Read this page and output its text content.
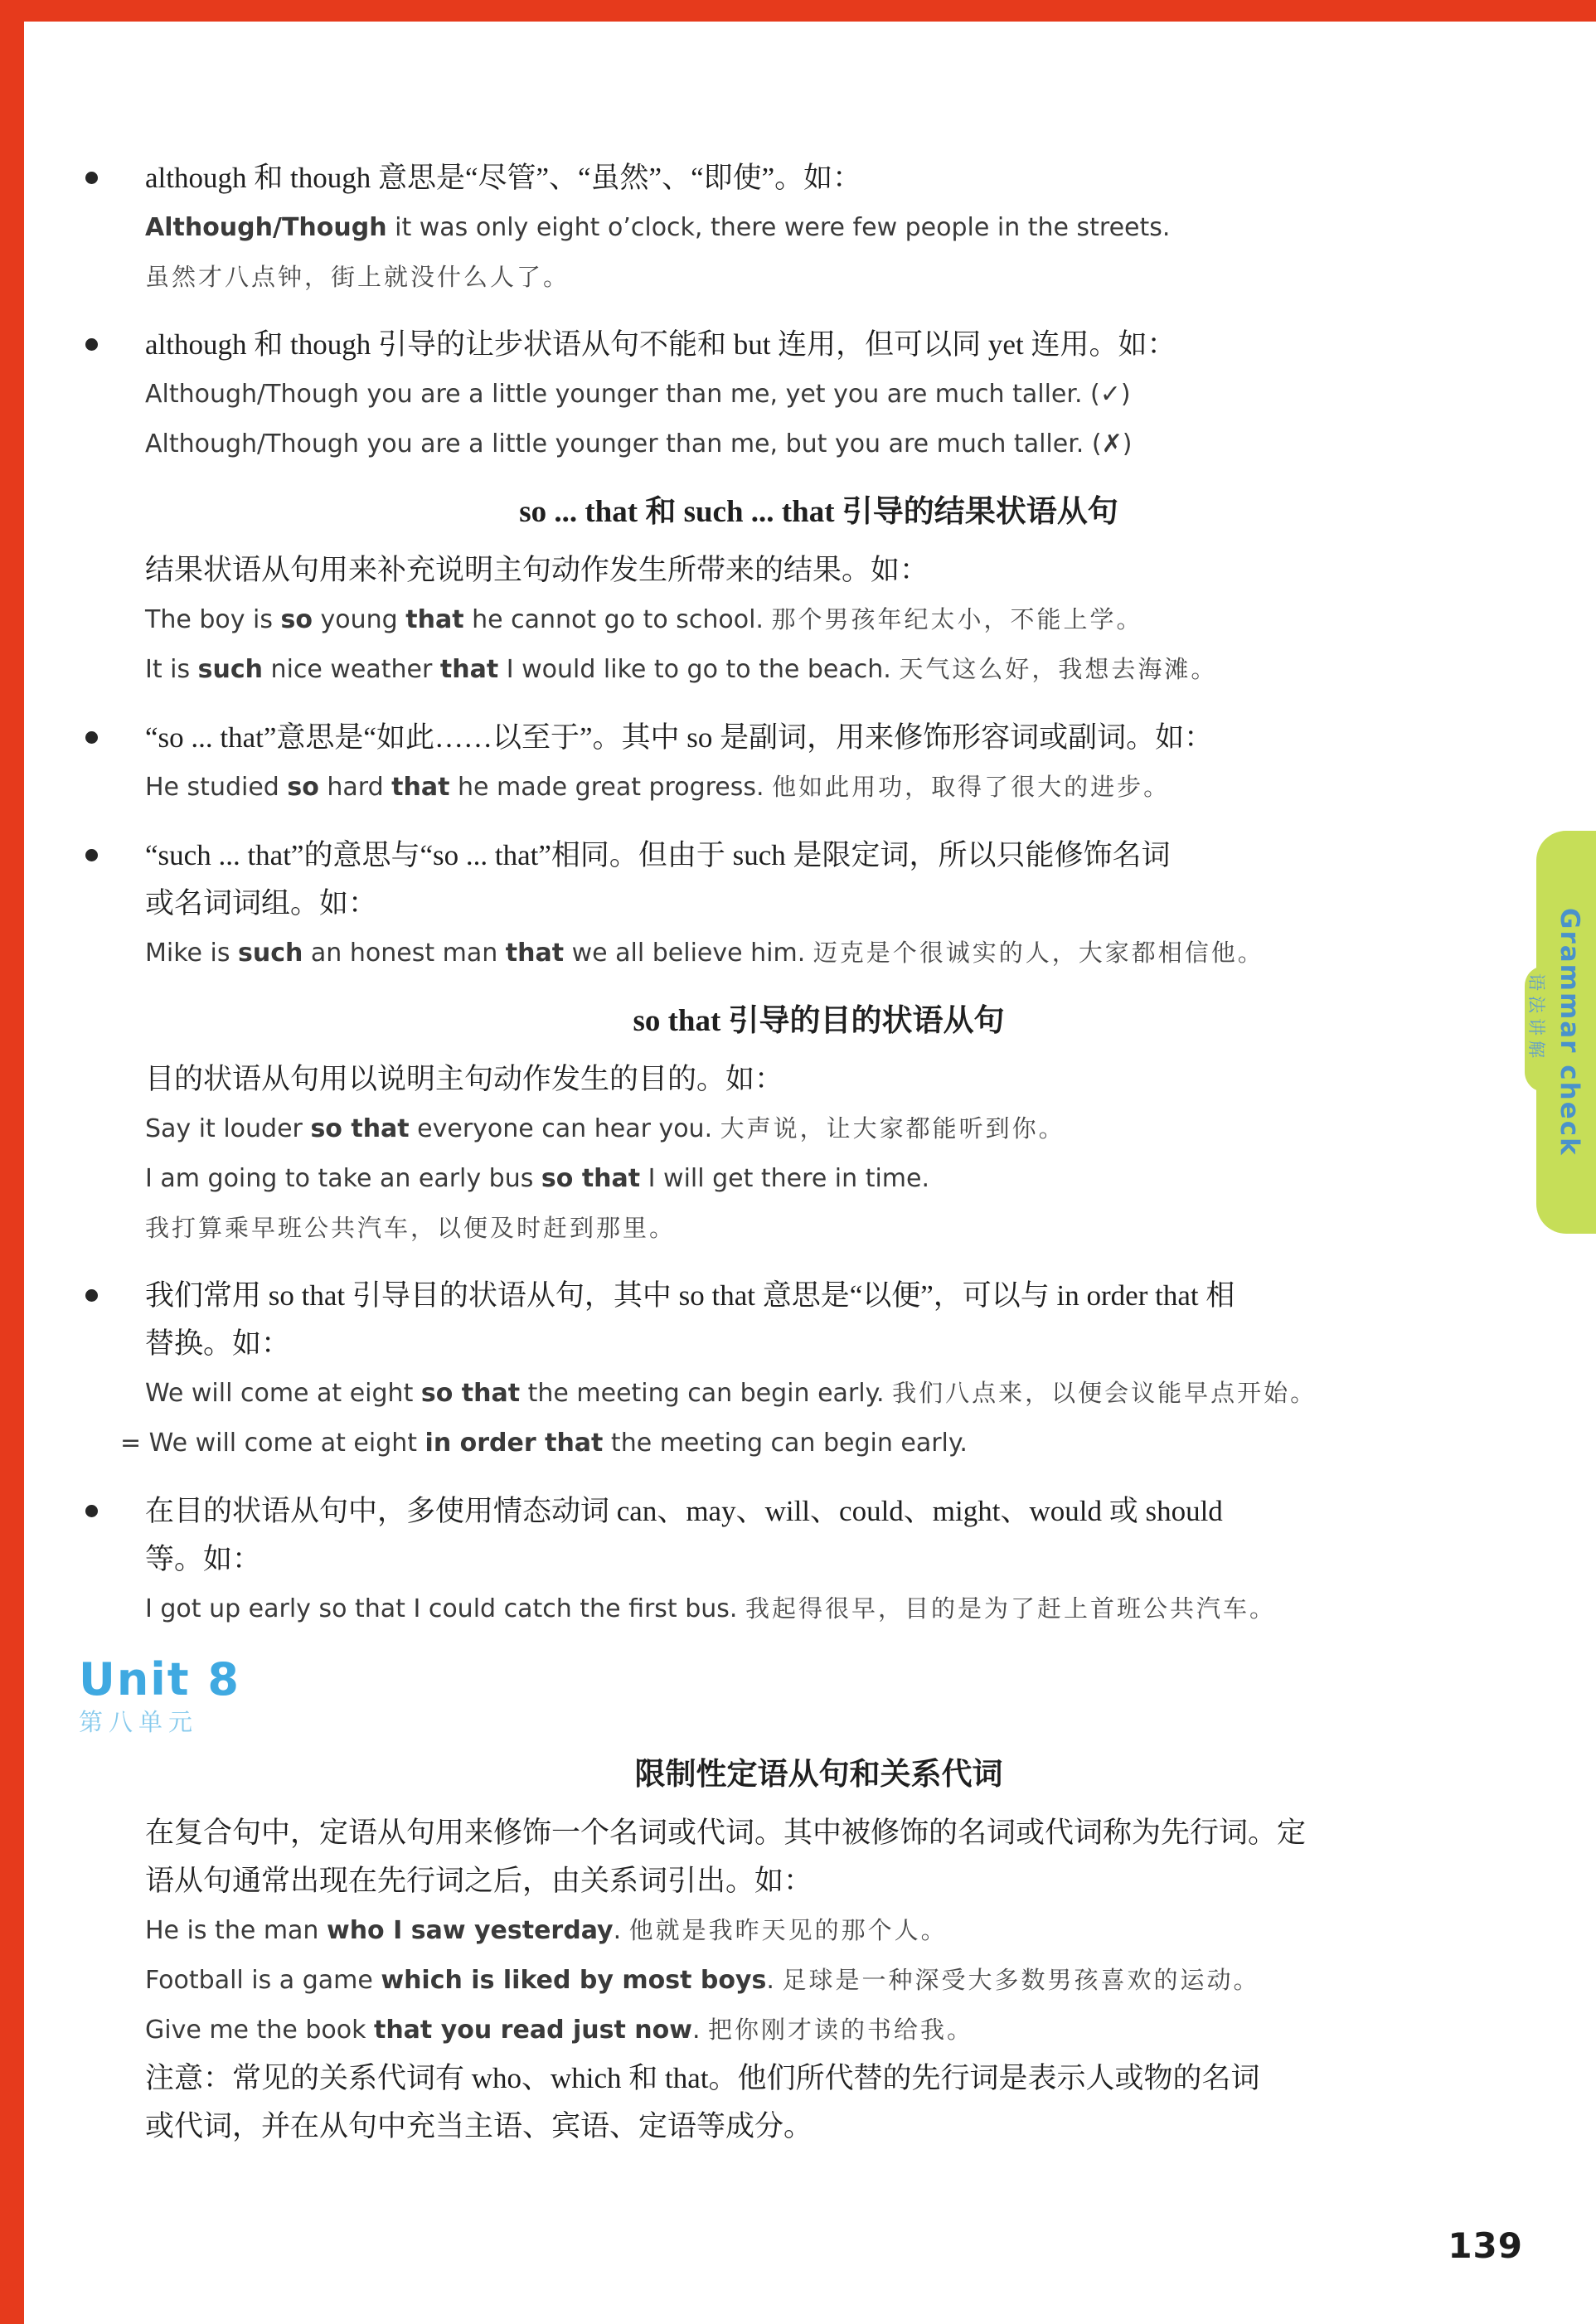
although 和 though 意思是“尽管”、“虽然”、“即使”。如：
Although/Though it was only eight o’clock, there were few people in the streets.
虽然才八点钟，街上就没什么人了。
although 和 though 引导的让步状语从句不能和 but 连用，但可以同 yet 连用。如：
Although/Though you are a little younger than me, yet you are much taller. (✓)
Although/Though you are a little younger than me, but you are much taller. (✗)
so ... that 和 such ... that 引导的结果状语从句
结果状语从句用来补充说明主句动作发生所带来的结果。如：
The boy is so young that he cannot go to school. 那个男孩年纪太小，不能上学。
It is such nice weather that I would like to go to the beach. 天气这么好，我想去海滩。
“so ... that”意思是“如此……以至于”。其中 so 是副词，用来修饰形容词或副词。如：
He studied so hard that he made great progress. 他如此用功，取得了很大的进步。
“such ... that”的意思与“so ... that”相同。但由于 such 是限定词，所以只能修饰名词
或名词词组。如：
Mike is such an honest man that we all believe him. 迈克是个很诚实的人，大家都相信他。
so that 引导的目的状语从句
目的状语从句用以说明主句动作发生的目的。如：
Say it louder so that everyone can hear you. 大声说，让大家都能听到你。
I am going to take an early bus so that I will get there in time.
我打算乘早班公共汽车，以便及时赶到那里。
我们常用 so that 引导目的状语从句，其中 so that 意思是“以便”，可以与 in order that 相
替换。如：
We will come at eight so that the meeting can begin early. 我们八点来，以便会议能早点开始。
= We will come at eight in order that the meeting can begin early.
在目的状语从句中，多使用情态动词 can、may、will、could、might、would 或 should
等。如：
I got up early so that I could catch the first bus. 我起得很早，目的是为了赶上首班公共汽车。
Unit 8
第八单元
限制性定语从句和关系代词
在复合句中，定语从句用来修饰一个名词或代词。其中被修饰的名词或代词称为先行词。定
语从句通常出现在先行词之后，由关系词引出。如：
He is the man who I saw yesterday. 他就是我昨天见的那个人。
Football is a game which is liked by most boys. 足球是一种深受大多数男孩喜欢的运动。
Give me the book that you read just now. 把你刚才读的书给我。
注意：常见的关系代词有 who、which 和 that。他们所代替的先行词是表示人或物的名词
或代词，并在从句中充当主语、宾语、定语等成分。
语法讲解 Grammar check
139
